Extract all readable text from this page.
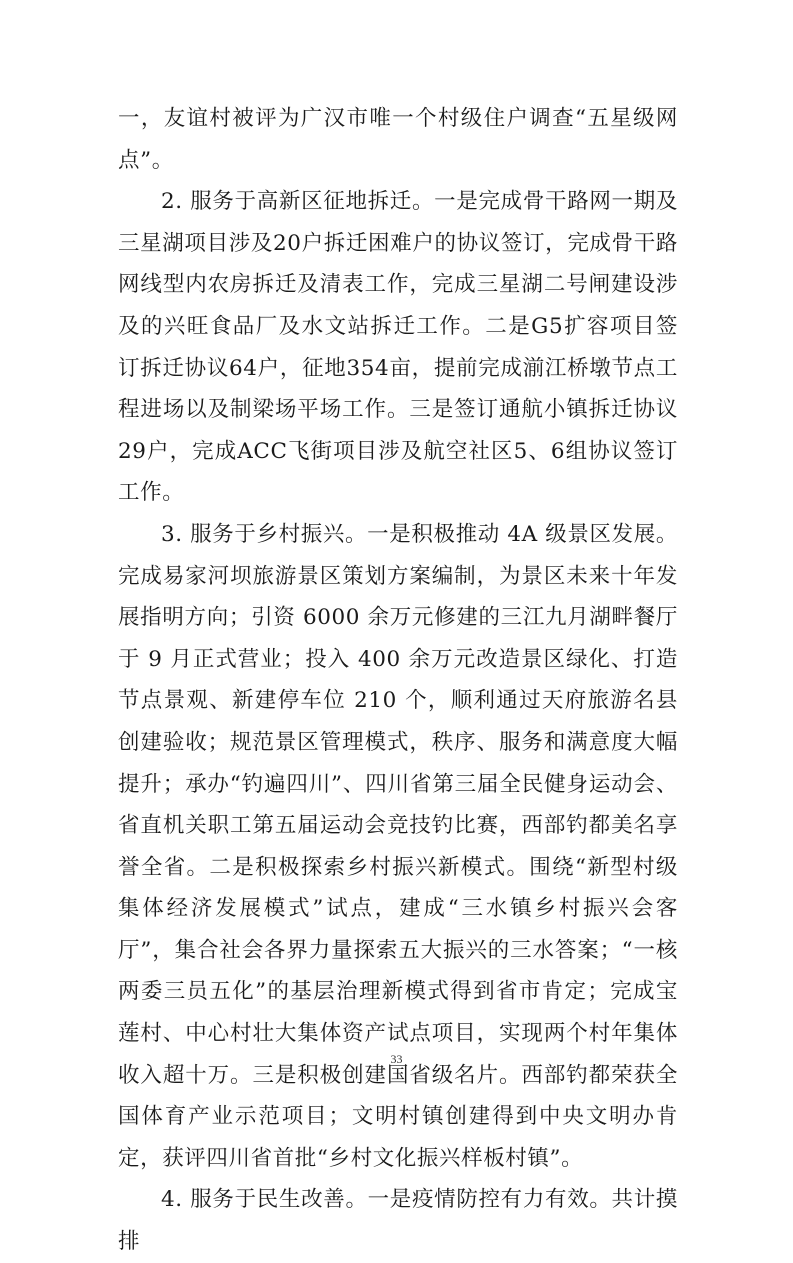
一，友谊村被评为广汉市唯一个村级住户调查“五星级网点”。

2. 服务于高新区征地拆迁。一是完成骨干路网一期及三星湖项目涉及20户拆迁困难户的协议签订，完成骨干路网线型内农房拆迁及清表工作，完成三星湖二号闸建设涉及的兴旺食品厂及水文站拆迁工作。二是G5扩容项目签订拆迁协议64户，征地354亩，提前完成湔江桥墩节点工程进场以及制梁场平场工作。三是签订通航小镇拆迁协议29户，完成ACC飞街项目涉及航空社区5、6组协议签订工作。

3. 服务于乡村振兴。一是积极推动 4A 级景区发展。完成易家河坝旅游景区策划方案编制，为景区未来十年发展指明方向；引资 6000 余万元修建的三江九月湖畔餐厅于 9 月正式营业；投入 400 余万元改造景区绿化、打造节点景观、新建停车位 210 个，顺利通过天府旅游名县创建验收；规范景区管理模式，秩序、服务和满意度大幅提升；承办“钓遍四川”、四川省第三届全民健身运动会、省直机关职工第五届运动会竞技钓比赛，西部钓都美名享誉全省。二是积极探索乡村振兴新模式。围绕“新型村级集体经济发展模式”试点，建成“三水镇乡村振兴会客厅”，集合社会各界力量探索五大振兴的三水答案；“一核两委三员五化”的基层治理新模式得到省市肯定；完成宝莲村、中心村壮大集体资产试点项目，实现两个村年集体收入超十万。三是积极创建国省级名片。西部钓都荣获全国体育产业示范项目；文明村镇创建得到中央文明办肯定，获评四川省首批“乡村文化振兴样板村镇”。

4. 服务于民生改善。一是疫情防控有力有效。共计摸排

33
